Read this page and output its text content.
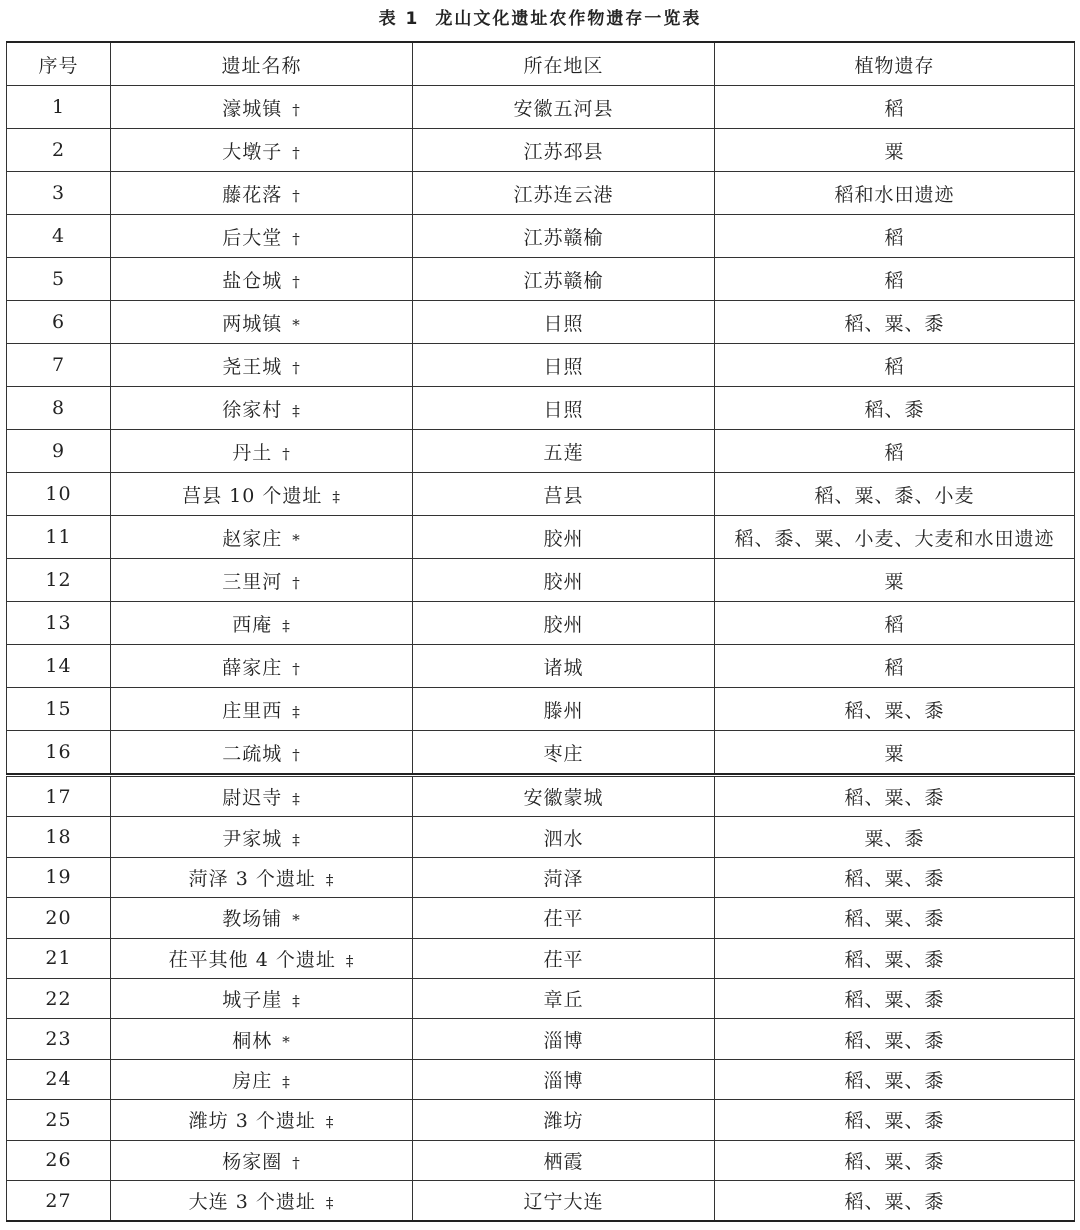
表 1 龙山文化遗址农作物遗存一览表
序号	遗址名称	所在地区	植物遗存
1	濠城镇 †	安徽五河县	稻
2	大墩子 †	江苏邳县	粟
3	藤花落 †	江苏连云港	稻和水田遗迹
4	后大堂 †	江苏赣榆	稻
5	盐仓城 †	江苏赣榆	稻
6	两城镇 *	日照	稻、粟、黍
7	尧王城 †	日照	稻
8	徐家村 ‡	日照	稻、黍
9	丹土 †	五莲	稻
10	莒县 10 个遗址 ‡	莒县	稻、粟、黍、小麦
11	赵家庄 *	胶州	稻、黍、粟、小麦、大麦和水田遗迹
12	三里河 †	胶州	粟
13	西庵 ‡	胶州	稻
14	薛家庄 †	诸城	稻
15	庄里西 ‡	滕州	稻、粟、黍
16	二疏城 †	枣庄	粟
17	尉迟寺 ‡	安徽蒙城	稻、粟、黍
18	尹家城 ‡	泗水	粟、黍
19	菏泽 3 个遗址 ‡	菏泽	稻、粟、黍
20	教场铺 *	茌平	稻、粟、黍
21	茌平其他 4 个遗址 ‡	茌平	稻、粟、黍
22	城子崖 ‡	章丘	稻、粟、黍
23	桐林 *	淄博	稻、粟、黍
24	房庄 ‡	淄博	稻、粟、黍
25	潍坊 3 个遗址 ‡	潍坊	稻、粟、黍
26	杨家圈 †	栖霞	稻、粟、黍
27	大连 3 个遗址 ‡	辽宁大连	稻、粟、黍
